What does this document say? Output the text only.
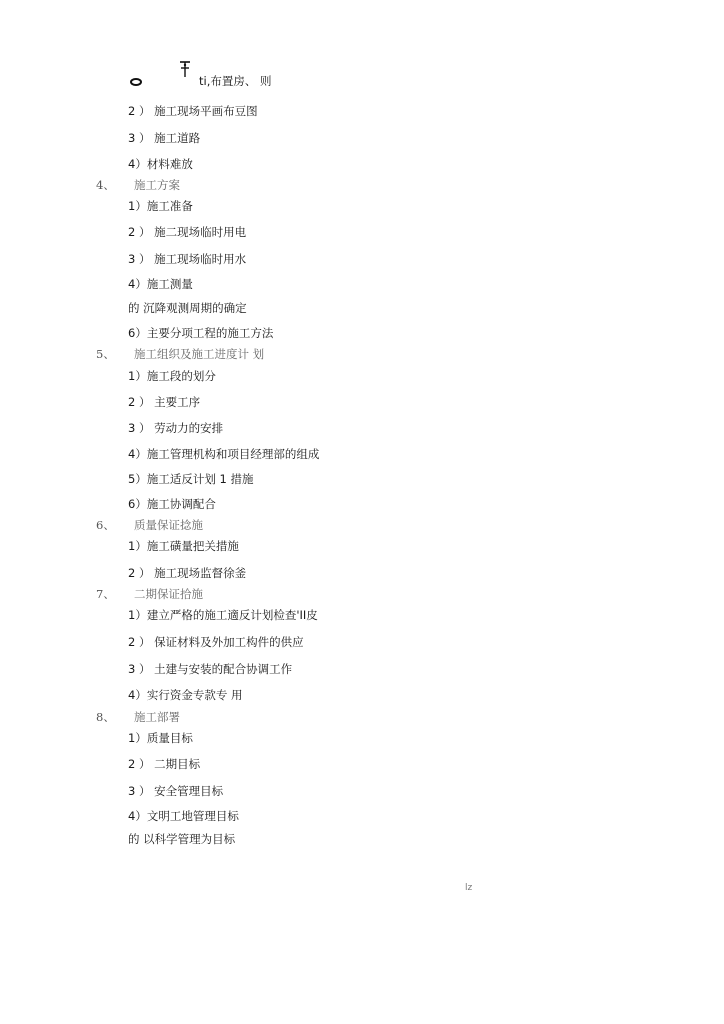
ti,布置房、 则
2 ） 施工现场平画布豆图
3 ） 施工道路
4）材料难放
4、 施工方案
1）施工准备
2 ） 施二现场临时用电
3 ） 施工现场临时用水
4）施工测量
的 沉降观测周期的确定
6）主要分项工程的施工方法
5、 施工组织及施工进度计 划
1）施工段的划分
2 ） 主要工序
3 ） 劳动力的安排
4）施工管理机构和项目经理部的组成
5）施工适反计划 1 措施
6）施工协调配合
6、 质量保证捻施
1）施工磺量把关措施
2 ） 施工现场监督徐釜
7、 二期保证拾施
1）建立严格的施工適反计划检查'II皮
2 ） 保证材料及外加工构件的供应
3 ） 土建与安装的配合协调工作
4）实行资金专款专 用
8、 施工部署
1）质量目标
2 ） 二期目标
3 ） 安全管理目标
4）文明工地管理目标
的 以科学管理为目标
lz
